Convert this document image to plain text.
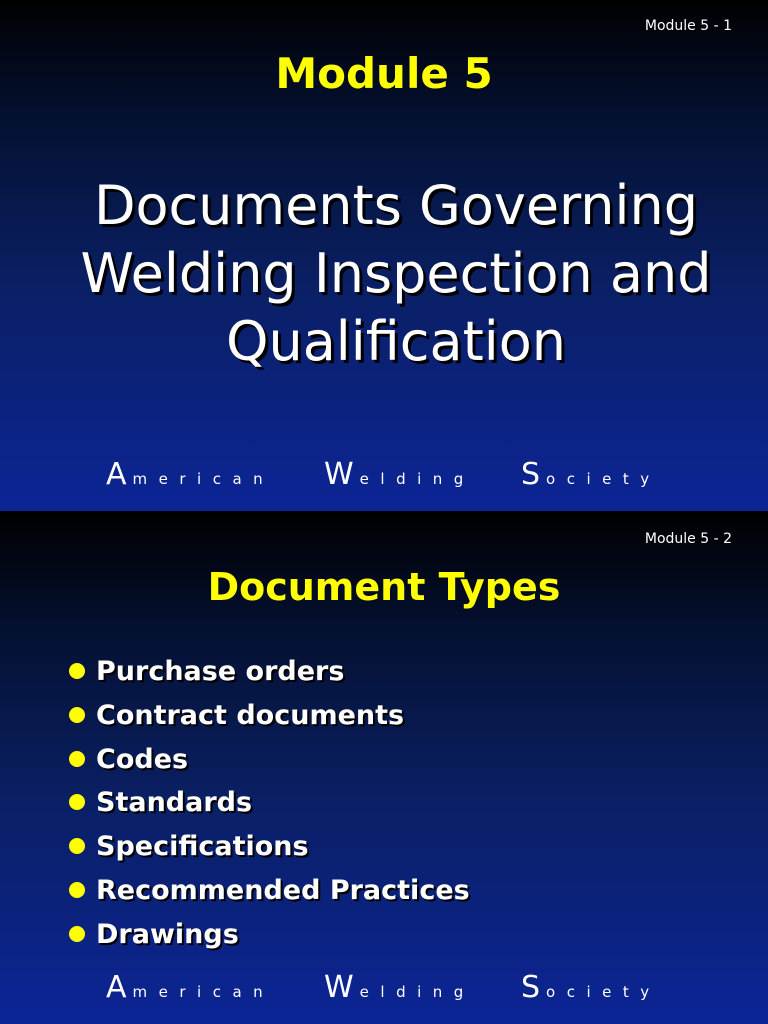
Module 5 - 1
Module 5
Documents Governing
Welding Inspection and
Qualification
American Welding Society
Module 5 - 2
Document Types
Purchase orders
Contract documents
Codes
Standards
Specifications
Recommended Practices
Drawings
American Welding Society
